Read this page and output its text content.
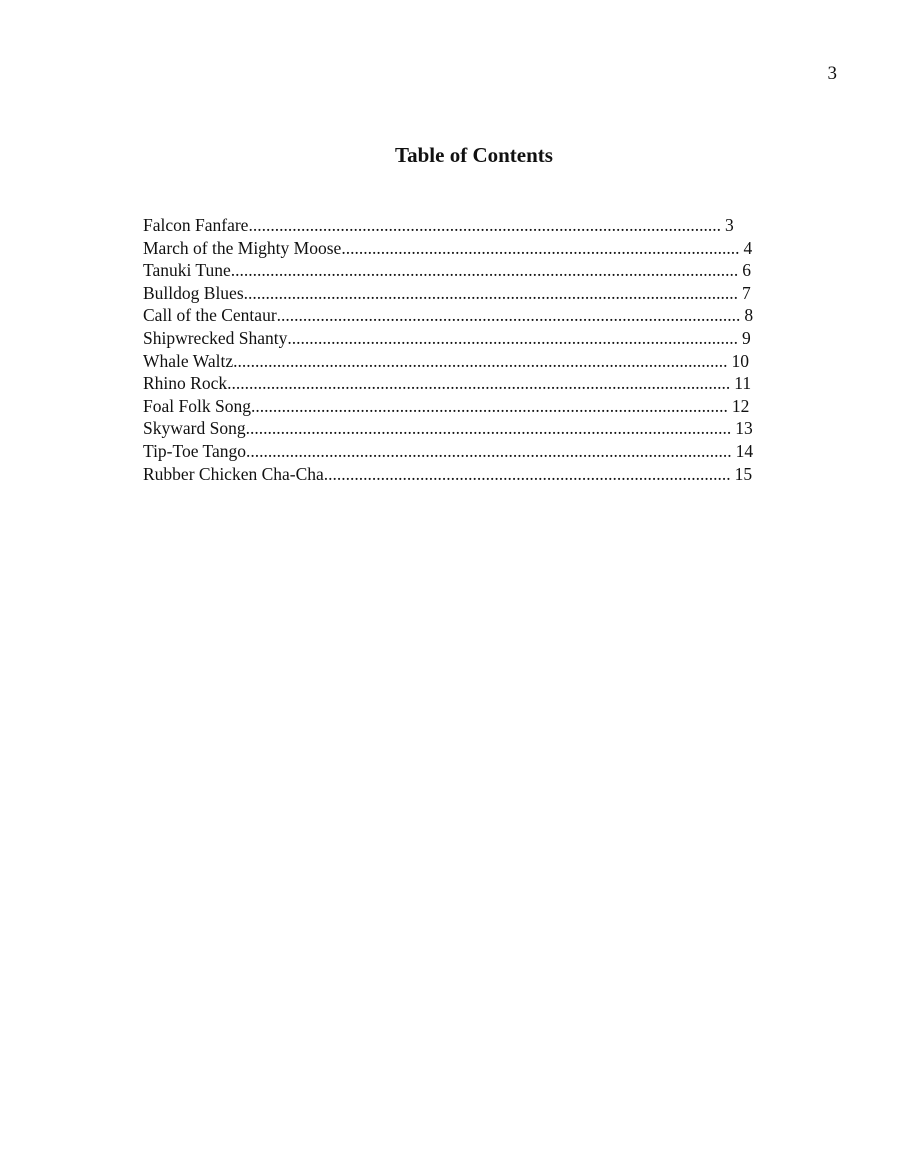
3
Table of Contents
Falcon Fanfare ............................................................................................................ 3
March of the Mighty Moose ........................................................................................... 4
Tanuki Tune .................................................................................................................... 6
Bulldog Blues ................................................................................................................. 7
Call of the Centaur .......................................................................................................... 8
Shipwrecked Shanty ....................................................................................................... 9
Whale Waltz ................................................................................................................. 10
Rhino Rock ................................................................................................................... 11
Foal Folk Song ............................................................................................................. 12
Skyward Song ............................................................................................................... 13
Tip-Toe Tango ............................................................................................................... 14
Rubber Chicken Cha-Cha ............................................................................................. 15
